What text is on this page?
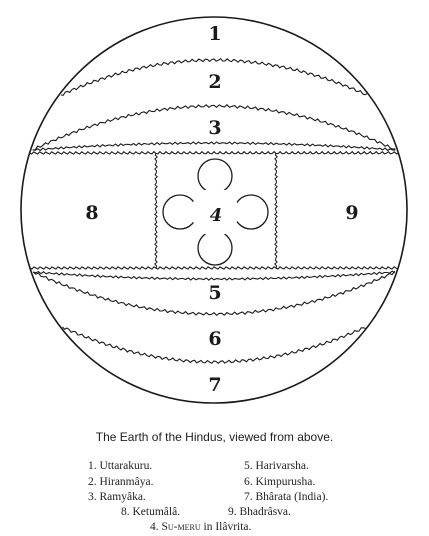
1
2
3
4
5
6
7
8	9
The Earth of the Hindus, viewed from above.
1. Uttarakuru.
2. Hiranmâya.
3. Ramyâka.
5. Harivarsha.
6. Kimpurusha.
7. Bhârata (India).
8. Ketumâlâ.	9. Bhadrâsva.
4. Su-meru in Ilâvrita.
